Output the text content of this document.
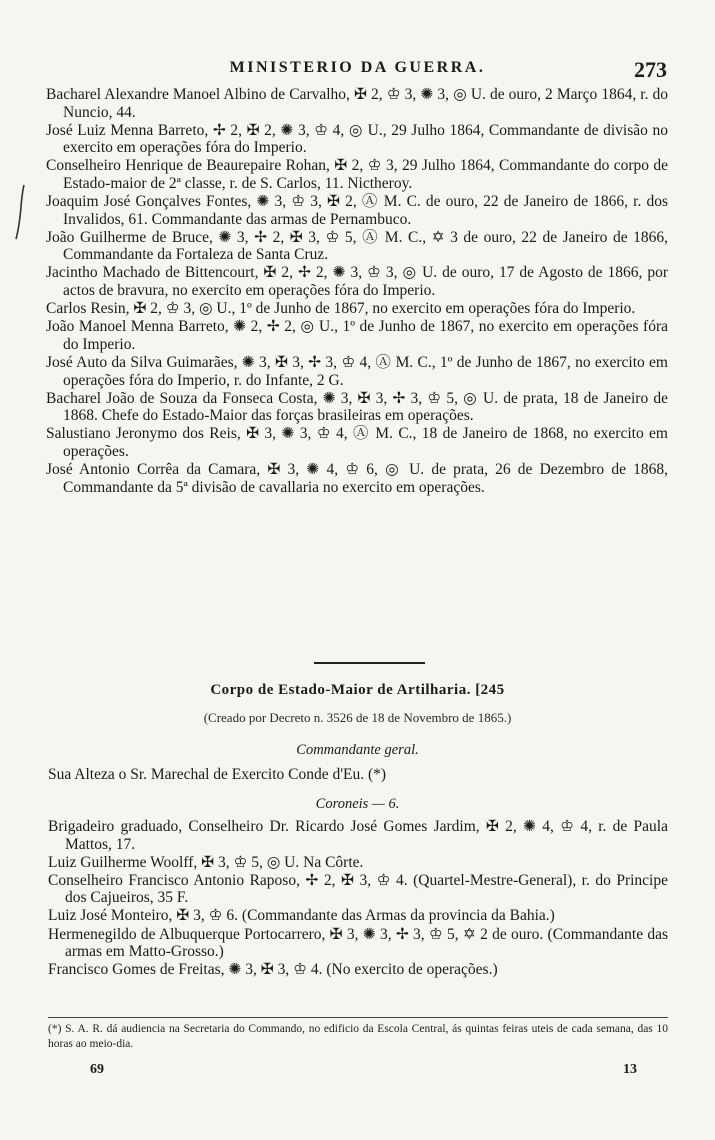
MINISTERIO DA GUERRA.	273

Bacharel Alexandre Manoel Albino de Carvalho, ✠ 2, ♔ 3, ✺ 3, ◎ U. de ouro, 2 Março 1864, r. do Nuncio, 44.

José Luiz Menna Barreto, ✢ 2, ✠ 2, ✺ 3, ♔ 4, ◎ U., 29 Julho 1864, Commandante de divisão no exercito em operações fóra do Imperio.

Conselheiro Henrique de Beaurepaire Rohan, ✠ 2, ♔ 3, 29 Julho 1864, Commandante do corpo de Estado-maior de 2ª classe, r. de S. Carlos, 11. Nictheroy.

Joaquim José Gonçalves Fontes, ✺ 3, ♔ 3, ✠ 2, Ⓐ M. C. de ouro, 22 de Janeiro de 1866, r. dos Invalidos, 61. Commandante das armas de Pernambuco.

João Guilherme de Bruce, ✺ 3, ✢ 2, ✠ 3, ♔ 5, Ⓐ M. C., ✡ 3 de ouro, 22 de Janeiro de 1866, Commandante da Fortaleza de Santa Cruz.

Jacintho Machado de Bittencourt, ✠ 2, ✢ 2, ✺ 3, ♔ 3, ◎ U. de ouro, 17 de Agosto de 1866, por actos de bravura, no exercito em operações fóra do Imperio.

Carlos Resin, ✠ 2, ♔ 3, ◎ U., 1º de Junho de 1867, no exercito em operações fóra do Imperio.

João Manoel Menna Barreto, ✺ 2, ✢ 2, ◎ U., 1º de Junho de 1867, no exercito em operações fóra do Imperio.

José Auto da Silva Guimarães, ✺ 3, ✠ 3, ✢ 3, ♔ 4, Ⓐ M. C., 1º de Junho de 1867, no exercito em operações fóra do Imperio, r. do Infante, 2 G.

Bacharel João de Souza da Fonseca Costa, ✺ 3, ✠ 3, ✢ 3, ♔ 5, ◎ U. de prata, 18 de Janeiro de 1868. Chefe do Estado-Maior das forças brasileiras em operações.

Salustiano Jeronymo dos Reis, ✠ 3, ✺ 3, ♔ 4, Ⓐ M. C., 18 de Janeiro de 1868, no exercito em operações.

José Antonio Corrêa da Camara, ✠ 3, ✺ 4, ♔ 6, ◎ U. de prata, 26 de Dezembro de 1868, Commandante da 5ª divisão de cavallaria no exercito em operações.

Corpo de Estado-Maior de Artilharia. [245
(Creado por Decreto n. 3526 de 18 de Novembro de 1865.)
Commandante geral.
Sua Alteza o Sr. Marechal de Exercito Conde d'Eu. (*)
Coroneis — 6.

Brigadeiro graduado, Conselheiro Dr. Ricardo José Gomes Jardim, ✠ 2, ✺ 4, ♔ 4, r. de Paula Mattos, 17.

Luiz Guilherme Woolff, ✠ 3, ♔ 5, ◎ U. Na Côrte.

Conselheiro Francisco Antonio Raposo, ✢ 2, ✠ 3, ♔ 4. (Quartel-Mestre-General), r. do Principe dos Cajueiros, 35 F.

Luiz José Monteiro, ✠ 3, ♔ 6. (Commandante das Armas da provincia da Bahia.)

Hermenegildo de Albuquerque Portocarrero, ✠ 3, ✺ 3, ✢ 3, ♔ 5, ✡ 2 de ouro. (Commandante das armas em Matto-Grosso.)

Francisco Gomes de Freitas, ✺ 3, ✠ 3, ♔ 4. (No exercito de operações.)

(*) S. A. R. dá audiencia na Secretaria do Commando, no edificio da Escola Central, ás quintas feiras uteis de cada semana, das 10 horas ao meio-dia.
69	13
